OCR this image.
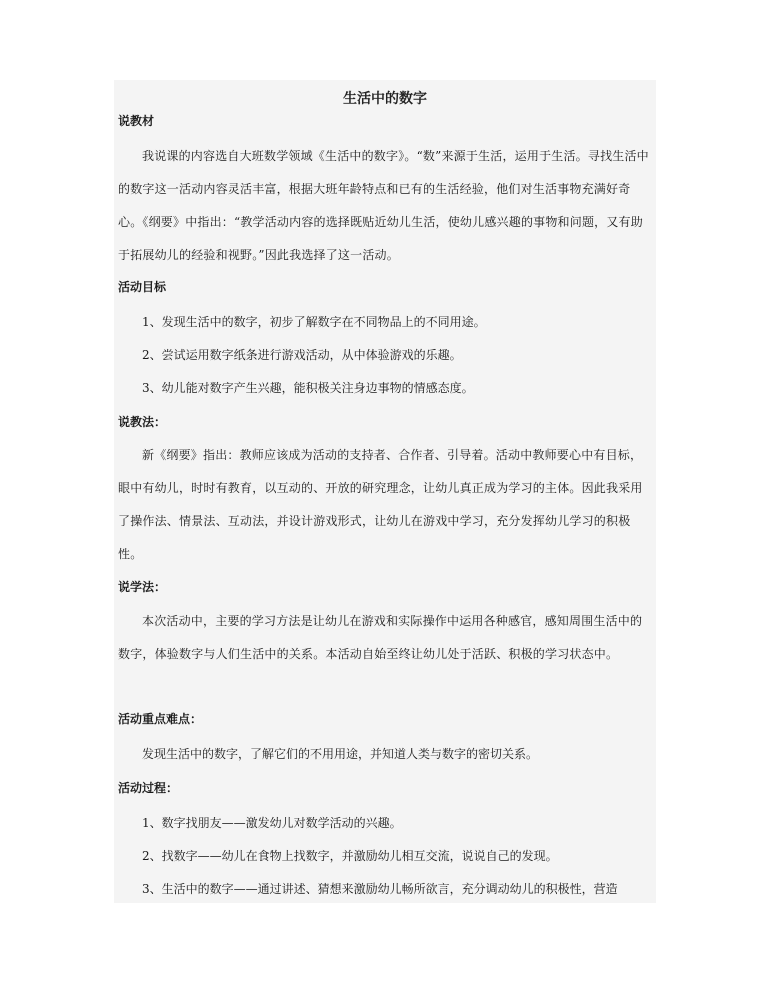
生活中的数字
说教材
我说课的内容选自大班数学领域《生活中的数字》。“数”来源于生活，运用于生活。寻找生活中的数字这一活动内容灵活丰富，根据大班年龄特点和已有的生活经验，他们对生活事物充满好奇心。《纲要》中指出：“教学活动内容的选择既贴近幼儿生活，使幼儿感兴趣的事物和问题，又有助于拓展幼儿的经验和视野。”因此我选择了这一活动。
活动目标
1、发现生活中的数字，初步了解数字在不同物品上的不同用途。
2、尝试运用数字纸条进行游戏活动，从中体验游戏的乐趣。
3、幼儿能对数字产生兴趣，能积极关注身边事物的情感态度。
说教法：
新《纲要》指出：教师应该成为活动的支持者、合作者、引导着。活动中教师要心中有目标，眼中有幼儿，时时有教育，以互动的、开放的研究理念，让幼儿真正成为学习的主体。因此我采用了操作法、情景法、互动法，并设计游戏形式，让幼儿在游戏中学习，充分发挥幼儿学习的积极性。
说学法：
本次活动中，主要的学习方法是让幼儿在游戏和实际操作中运用各种感官，感知周围生活中的数字，体验数字与人们生活中的关系。本活动自始至终让幼儿处于活跃、积极的学习状态中。
活动重点难点：
发现生活中的数字，了解它们的不用用途，并知道人类与数字的密切关系。
活动过程：
1、数字找朋友——激发幼儿对数学活动的兴趣。
2、找数字——幼儿在食物上找数字，并激励幼儿相互交流，说说自己的发现。
3、生活中的数字——通过讲述、猜想来激励幼儿畅所欲言，充分调动幼儿的积极性，营造
